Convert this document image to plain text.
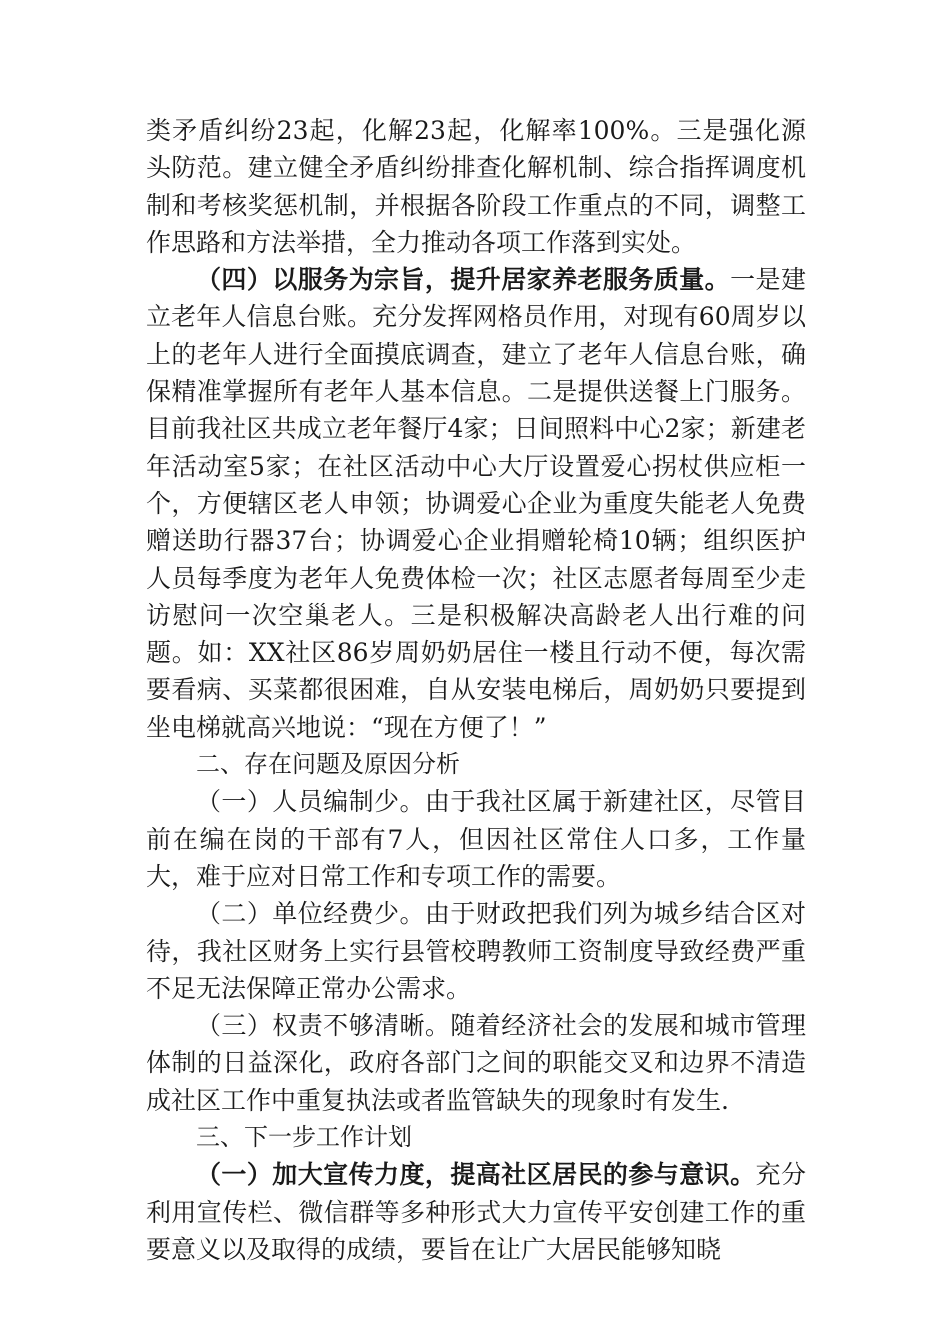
类矛盾纠纷23起，化解23起，化解率100%。三是强化源头防范。建立健全矛盾纠纷排查化解机制、综合指挥调度机制和考核奖惩机制，并根据各阶段工作重点的不同，调整工作思路和方法举措，全力推动各项工作落到实处。

（四）以服务为宗旨，提升居家养老服务质量。一是建立老年人信息台账。充分发挥网格员作用，对现有60周岁以上的老年人进行全面摸底调查，建立了老年人信息台账，确保精准掌握所有老年人基本信息。二是提供送餐上门服务。目前我社区共成立老年餐厅4家；日间照料中心2家；新建老年活动室5家；在社区活动中心大厅设置爱心拐杖供应柜一个，方便辖区老人申领；协调爱心企业为重度失能老人免费赠送助行器37台；协调爱心企业捐赠轮椅10辆；组织医护人员每季度为老年人免费体检一次；社区志愿者每周至少走访慰问一次空巢老人。三是积极解决高龄老人出行难的问题。如：XX社区86岁周奶奶居住一楼且行动不便，每次需要看病、买菜都很困难，自从安装电梯后，周奶奶只要提到坐电梯就高兴地说：“现在方便了！”

二、存在问题及原因分析

（一）人员编制少。由于我社区属于新建社区，尽管目前在编在岗的干部有7人，但因社区常住人口多，工作量大，难于应对日常工作和专项工作的需要。

（二）单位经费少。由于财政把我们列为城乡结合区对待，我社区财务上实行县管校聘教师工资制度导致经费严重不足无法保障正常办公需求。

（三）权责不够清晰。随着经济社会的发展和城市管理体制的日益深化，政府各部门之间的职能交叉和边界不清造成社区工作中重复执法或者监管缺失的现象时有发生.

三、下一步工作计划

（一）加大宣传力度，提高社区居民的参与意识。充分利用宣传栏、微信群等多种形式大力宣传平安创建工作的重要意义以及取得的成绩，要旨在让广大居民能够知晓
